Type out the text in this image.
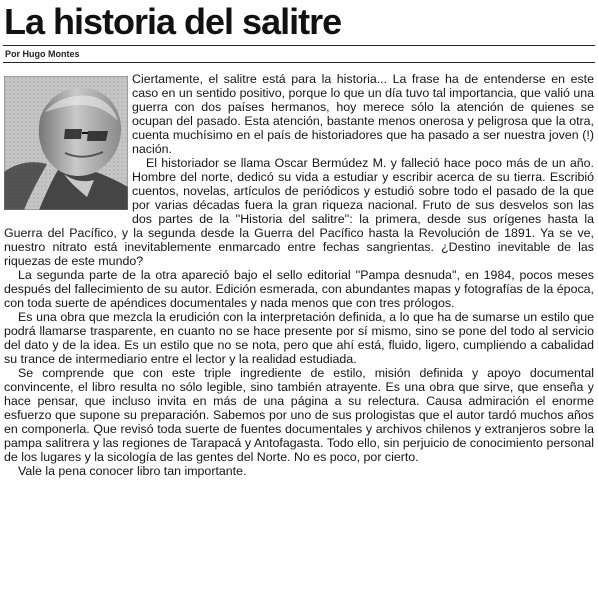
La historia del salitre
Por Hugo Montes

Ciertamente, el salitre está para la historia... La frase ha de entenderse en este caso en un sentido positivo, porque lo que un día tuvo tal importancia, que valió una guerra con dos países hermanos, hoy merece sólo la atención de quienes se ocupan del pasado. Esta atención, bastante menos onerosa y peligrosa que la otra, cuenta muchísimo en el país de historiadores que ha pasado a ser nuestra joven (!) nación.

El historiador se llama Oscar Bermúdez M. y falleció hace poco más de un año. Hombre del norte, dedicó su vida a estudiar y escribir acerca de su tierra. Escribió cuentos, novelas, artículos de periódicos y estudió sobre todo el pasado de la que por varias décadas fuera la gran riqueza nacional. Fruto de sus desvelos son las dos partes de la ''Historia del salitre'': la primera, desde sus orígenes hasta la Guerra del Pacífico, y la segunda desde la Guerra del Pacífico hasta la Revolución de 1891. Ya se ve, nuestro nitrato está inevitablemente enmarcado entre fechas sangrientas. ¿Destino inevitable de las riquezas de este mundo?

La segunda parte de la otra apareció bajo el sello editorial ''Pampa desnuda'', en 1984, pocos meses después del fallecimiento de su autor. Edición esmerada, con abundantes mapas y fotografías de la época, con toda suerte de apéndices documentales y nada menos que con tres prólogos.

Es una obra que mezcla la erudición con la interpretación definida, a lo que ha de sumarse un estilo que podrá llamarse trasparente, en cuanto no se hace presente por sí mismo, sino se pone del todo al servicio del dato y de la idea. Es un estilo que no se nota, pero que ahí está, fluido, ligero, cumpliendo a cabalidad su trance de intermediario entre el lector y la realidad estudiada.

Se comprende que con este triple ingrediente de estilo, misión definida y apoyo documental convincente, el libro resulta no sólo legible, sino también atrayente. Es una obra que sirve, que enseña y hace pensar, que incluso invita en más de una página a su relectura. Causa admiración el enorme esfuerzo que supone su preparación. Sabemos por uno de sus prologistas que el autor tardó muchos años en componerla. Que revisó toda suerte de fuentes documentales y archivos chilenos y extranjeros sobre la pampa salitrera y las regiones de Tarapacá y Antofagasta. Todo ello, sin perjuicio de conocimiento personal de los lugares y la sicología de las gentes del Norte. No es poco, por cierto.

Vale la pena conocer libro tan importante.
